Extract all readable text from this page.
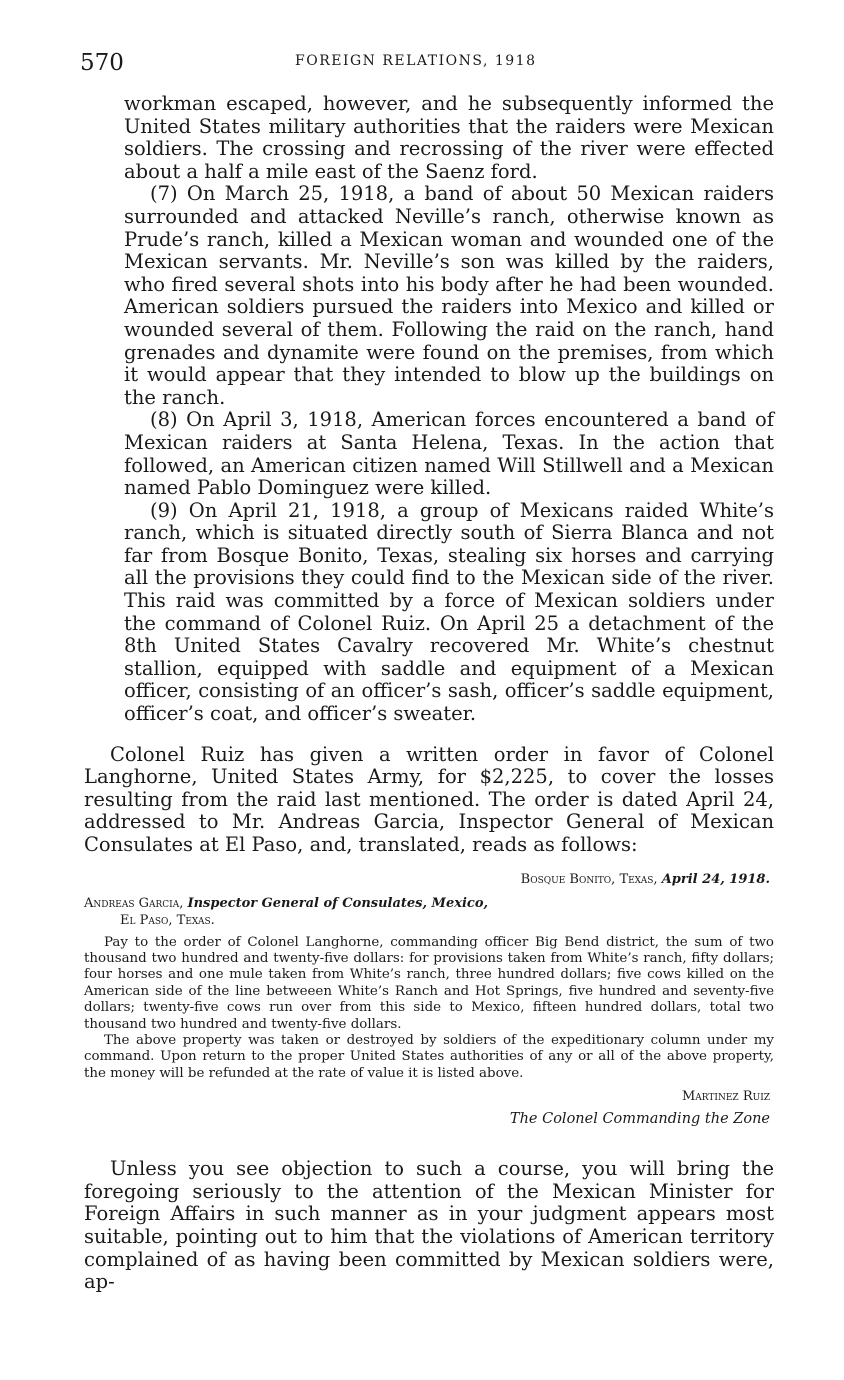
570	FOREIGN RELATIONS, 1918

workman escaped, however, and he subsequently informed the United States military authorities that the raiders were Mexican soldiers. The crossing and recrossing of the river were effected about a half a mile east of the Saenz ford.

(7) On March 25, 1918, a band of about 50 Mexican raiders surrounded and attacked Neville’s ranch, otherwise known as Prude’s ranch, killed a Mexican woman and wounded one of the Mexican servants. Mr. Neville’s son was killed by the raiders, who fired several shots into his body after he had been wounded. American soldiers pursued the raiders into Mexico and killed or wounded several of them. Following the raid on the ranch, hand grenades and dynamite were found on the premises, from which it would appear that they intended to blow up the buildings on the ranch.

(8) On April 3, 1918, American forces encountered a band of Mexican raiders at Santa Helena, Texas. In the action that followed, an American citizen named Will Stillwell and a Mexican named Pablo Dominguez were killed.

(9) On April 21, 1918, a group of Mexicans raided White’s ranch, which is situated directly south of Sierra Blanca and not far from Bosque Bonito, Texas, stealing six horses and carrying all the provisions they could find to the Mexican side of the river. This raid was committed by a force of Mexican soldiers under the command of Colonel Ruiz. On April 25 a detachment of the 8th United States Cavalry recovered Mr. White’s chestnut stallion, equipped with saddle and equipment of a Mexican officer, consisting of an officer’s sash, officer’s saddle equipment, officer’s coat, and officer’s sweater.

Colonel Ruiz has given a written order in favor of Colonel Langhorne, United States Army, for $2,225, to cover the losses resulting from the raid last mentioned. The order is dated April 24, addressed to Mr. Andreas Garcia, Inspector General of Mexican Consulates at El Paso, and, translated, reads as follows:

Bosque Bonito, Texas, April 24, 1918.
Andreas Garcia, Inspector General of Consulates, Mexico,
El Paso, Texas.

Pay to the order of Colonel Langhorne, commanding officer Big Bend district, the sum of two thousand two hundred and twenty-five dollars: for provisions taken from White’s ranch, fifty dollars; four horses and one mule taken from White’s ranch, three hundred dollars; five cows killed on the American side of the line betweeen White’s Ranch and Hot Springs, five hundred and seventy-five dollars; twenty-five cows run over from this side to Mexico, fifteen hundred dollars, total two thousand two hundred and twenty-five dollars.

The above property was taken or destroyed by soldiers of the expeditionary column under my command. Upon return to the proper United States authorities of any or all of the above property, the money will be refunded at the rate of value it is listed above.

Martinez Ruiz
The Colonel Commanding the Zone

Unless you see objection to such a course, you will bring the foregoing seriously to the attention of the Mexican Minister for Foreign Affairs in such manner as in your judgment appears most suitable, pointing out to him that the violations of American territory complained of as having been committed by Mexican soldiers were, ap-
